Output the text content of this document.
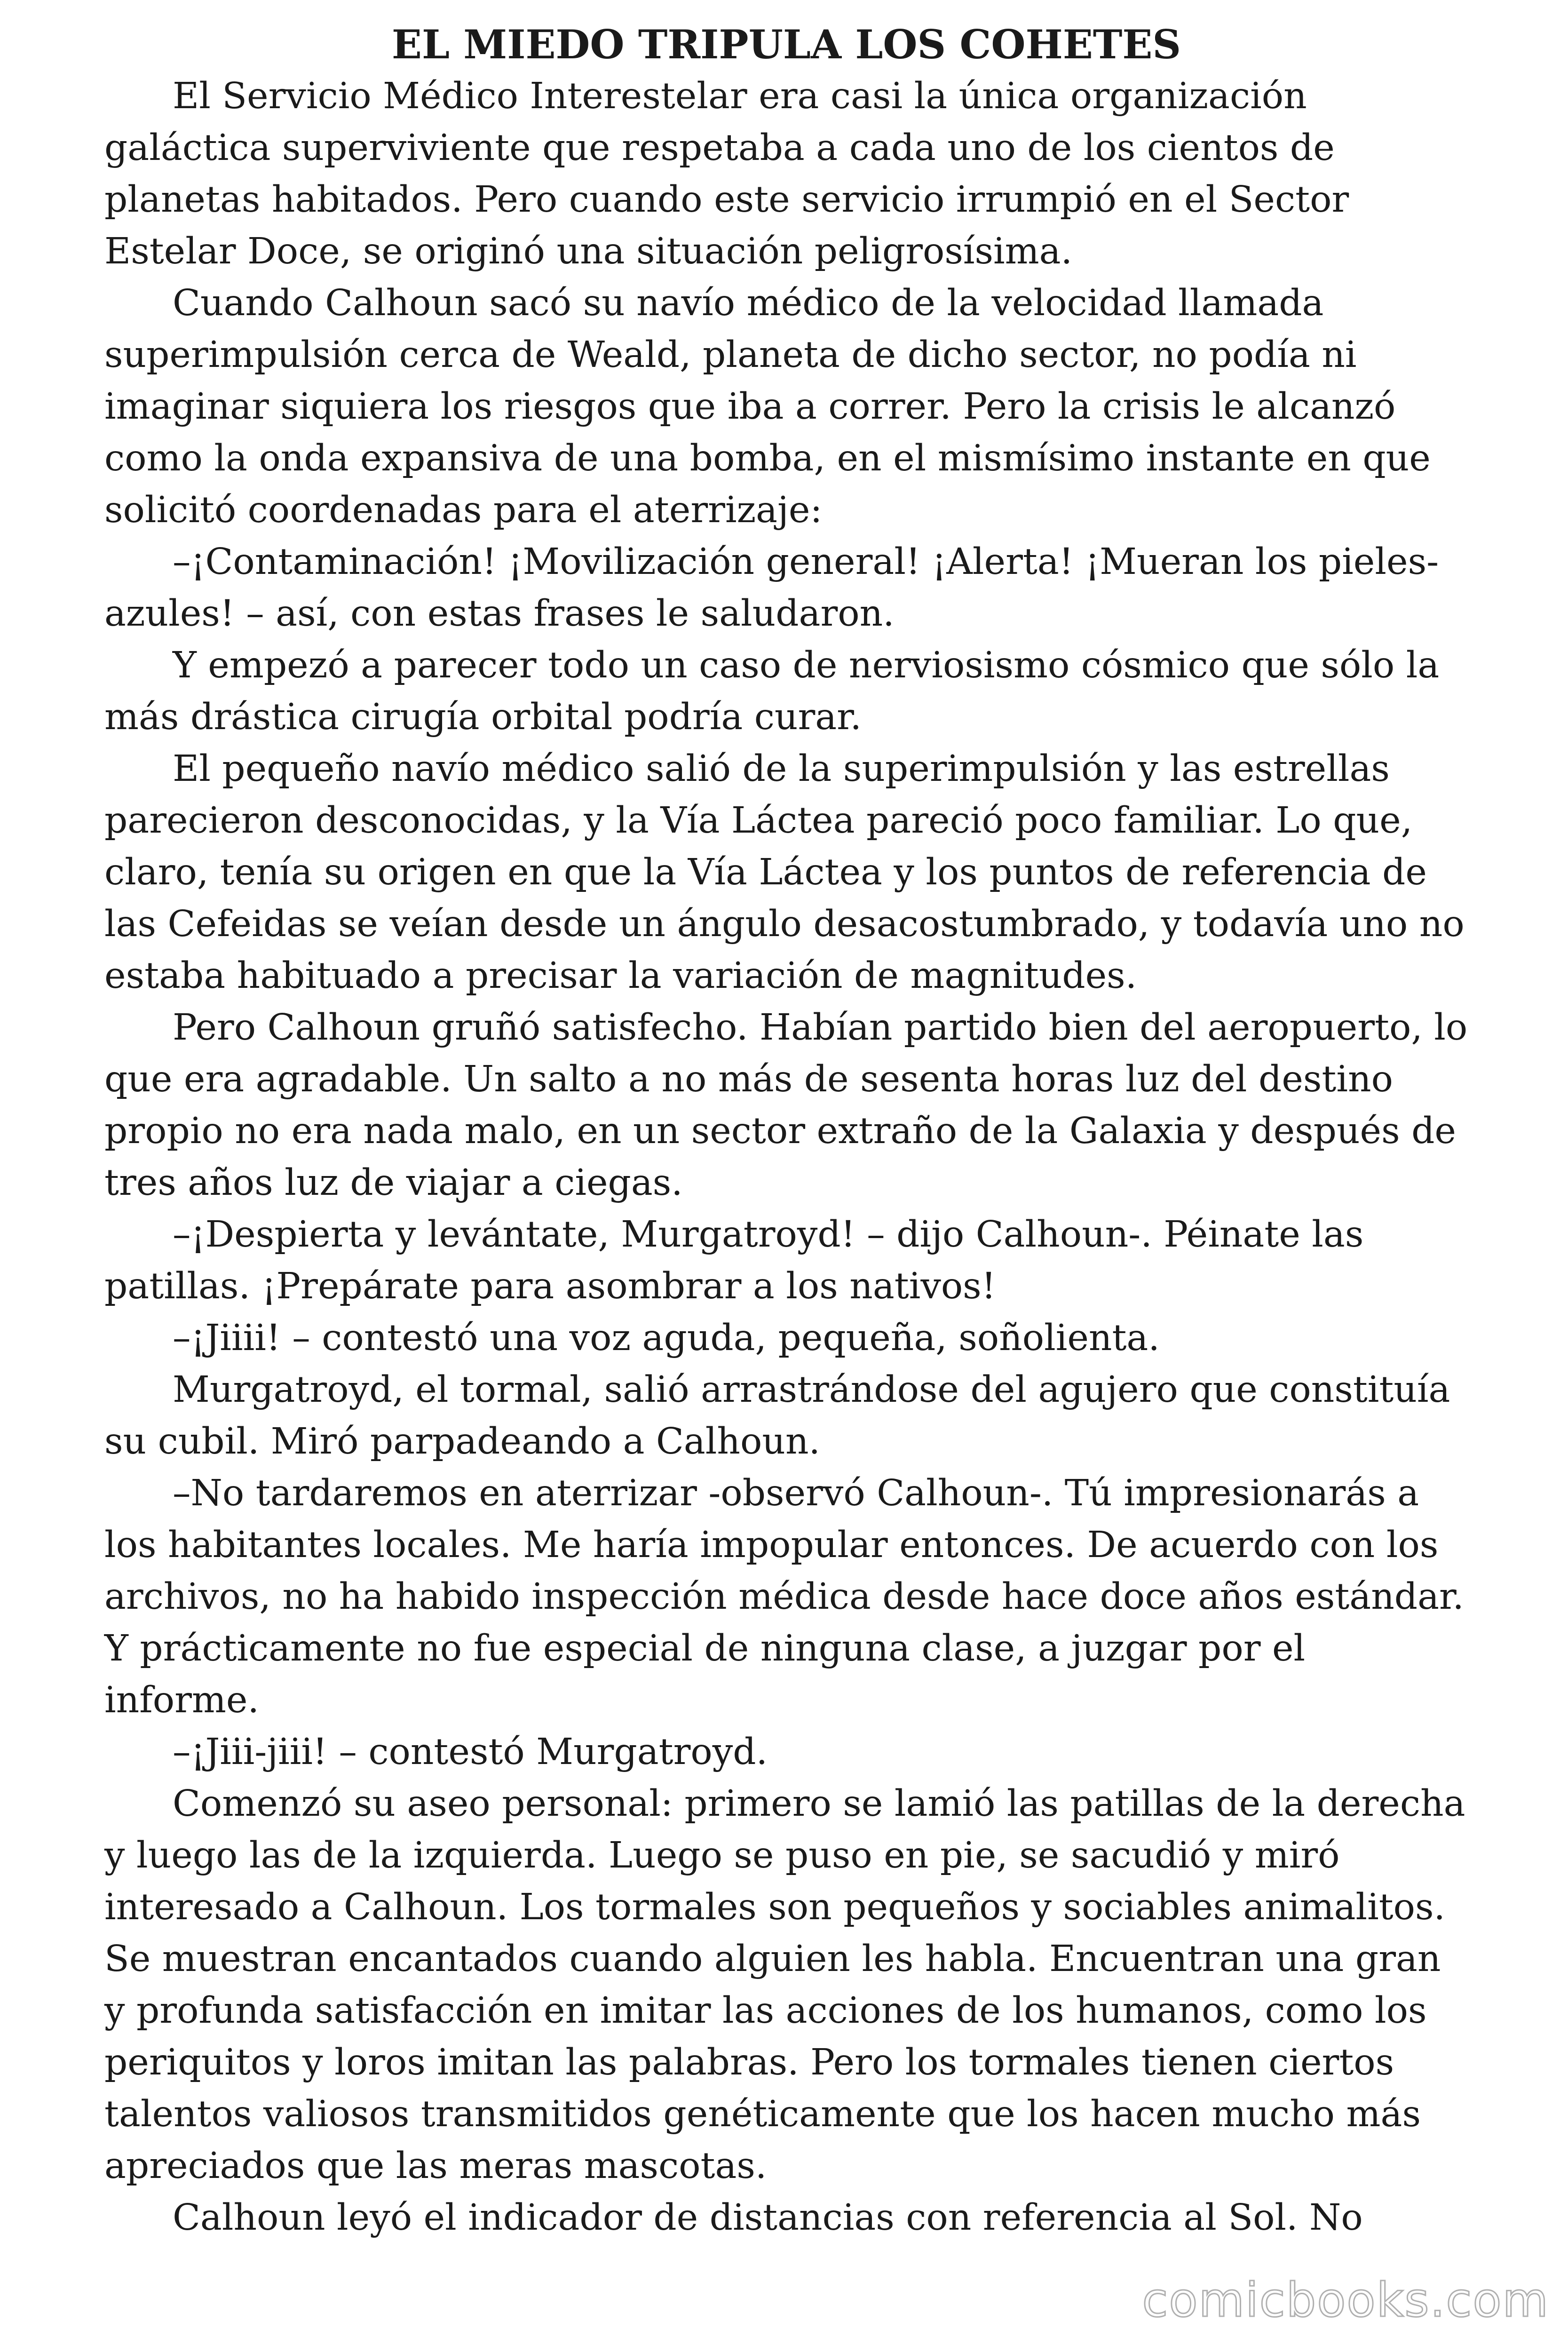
EL MIEDO TRIPULA LOS COHETES

El Servicio Médico Interestelar era casi la única organización galáctica superviviente que respetaba a cada uno de los cientos de planetas habitados. Pero cuando este servicio irrumpió en el Sector Estelar Doce, se originó una situación peligrosísima.

Cuando Calhoun sacó su navío médico de la velocidad llamada superimpulsión cerca de Weald, planeta de dicho sector, no podía ni imaginar siquiera los riesgos que iba a correr. Pero la crisis le alcanzó como la onda expansiva de una bomba, en el mismísimo instante en que solicitó coordenadas para el aterrizaje:

–¡Contaminación! ¡Movilización general! ¡Alerta! ¡Mueran los pieles-azules! – así, con estas frases le saludaron.

Y empezó a parecer todo un caso de nerviosismo cósmico que sólo la más drástica cirugía orbital podría curar.

El pequeño navío médico salió de la superimpulsión y las estrellas parecieron desconocidas, y la Vía Láctea pareció poco familiar. Lo que, claro, tenía su origen en que la Vía Láctea y los puntos de referencia de las Cefeidas se veían desde un ángulo desacostumbrado, y todavía uno no estaba habituado a precisar la variación de magnitudes.

Pero Calhoun gruñó satisfecho. Habían partido bien del aeropuerto, lo que era agradable. Un salto a no más de sesenta horas luz del destino propio no era nada malo, en un sector extraño de la Galaxia y después de tres años luz de viajar a ciegas.

–¡Despierta y levántate, Murgatroyd! – dijo Calhoun-. Péinate las patillas. ¡Prepárate para asombrar a los nativos!

–¡Jiiii! – contestó una voz aguda, pequeña, soñolienta.

Murgatroyd, el tormal, salió arrastrándose del agujero que constituía su cubil. Miró parpadeando a Calhoun.

–No tardaremos en aterrizar -observó Calhoun-. Tú impresionarás a los habitantes locales. Me haría impopular entonces. De acuerdo con los archivos, no ha habido inspección médica desde hace doce años estándar. Y prácticamente no fue especial de ninguna clase, a juzgar por el informe.

–¡Jiii-jiii! – contestó Murgatroyd.

Comenzó su aseo personal: primero se lamió las patillas de la derecha y luego las de la izquierda. Luego se puso en pie, se sacudió y miró interesado a Calhoun. Los tormales son pequeños y sociables animalitos. Se muestran encantados cuando alguien les habla. Encuentran una gran y profunda satisfacción en imitar las acciones de los humanos, como los periquitos y loros imitan las palabras. Pero los tormales tienen ciertos talentos valiosos transmitidos genéticamente que los hacen mucho más apreciados que las meras mascotas.

Calhoun leyó el indicador de distancias con referencia al Sol. No

comicbooks.com
